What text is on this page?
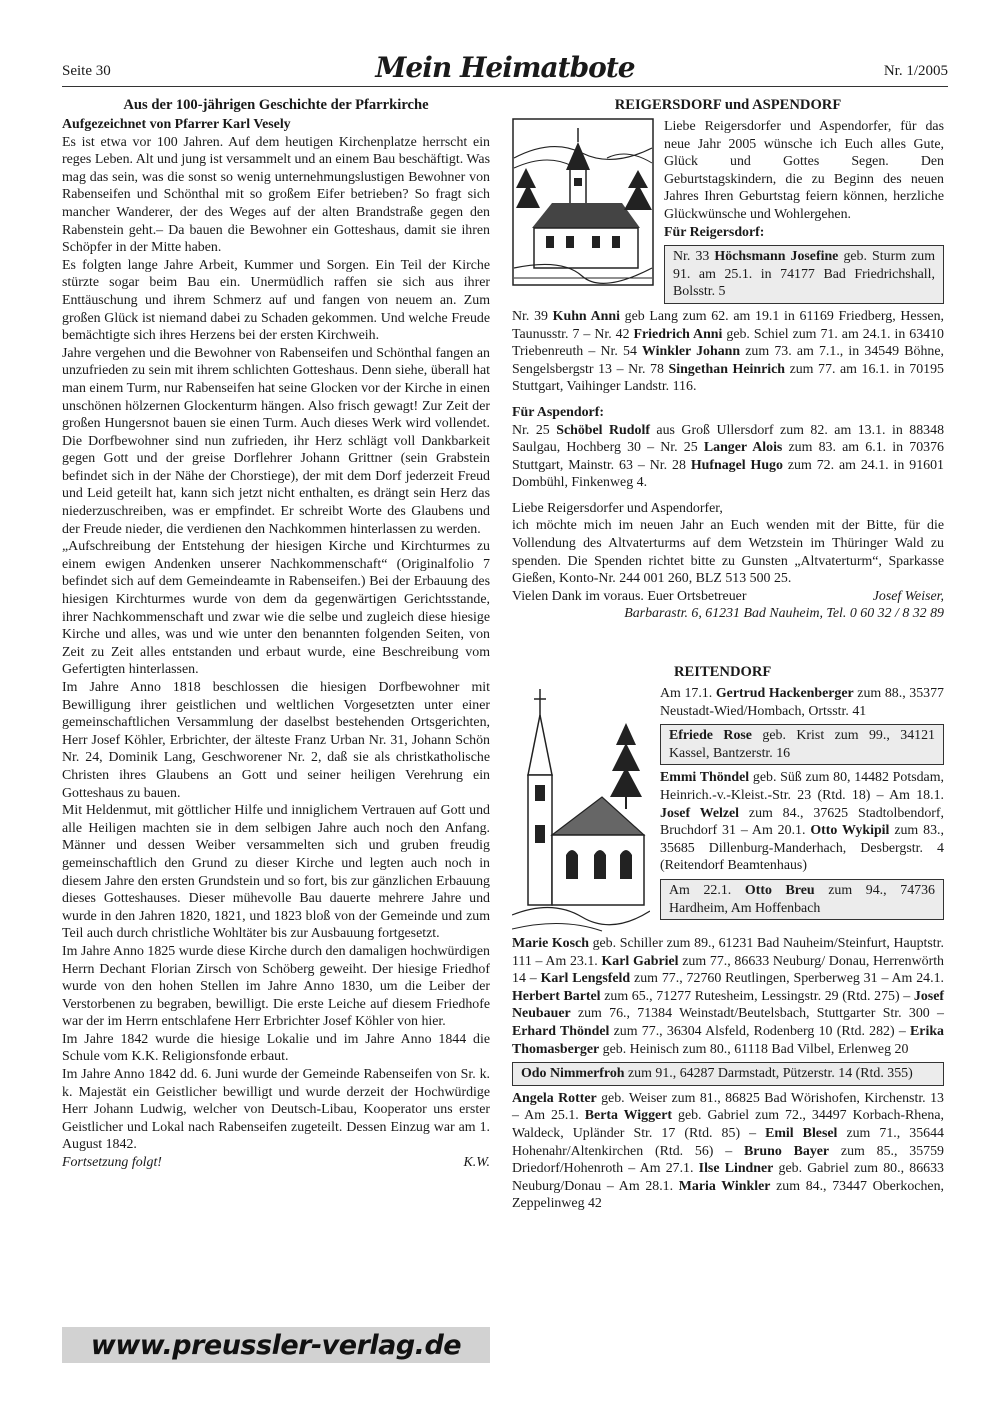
Seite 30	Mein Heimatbote	Nr. 1/2005
Aus der 100-jährigen Geschichte der Pfarrkirche

Aufgezeichnet von Pfarrer Karl Vesely

Es ist etwa vor 100 Jahren. Auf dem heutigen Kirchenplatze herrscht ein reges Leben. Alt und jung ist versammelt und an einem Bau beschäftigt. Was mag das sein, was die sonst so wenig unternehmungslustigen Bewohner von Rabenseifen und Schönthal mit so großem Eifer betrieben? So fragt sich mancher Wanderer, der des Weges auf der alten Brandstraße gegen den Rabenstein geht.– Da bauen die Bewohner ein Gotteshaus, damit sie ihren Schöpfer in der Mitte haben.

Es folgten lange Jahre Arbeit, Kummer und Sorgen. Ein Teil der Kirche stürzte sogar beim Bau ein. Unermüdlich raffen sie sich aus ihrer Enttäuschung und ihrem Schmerz auf und fangen von neuem an. Zum großen Glück ist niemand dabei zu Schaden gekommen. Und welche Freude bemächtigte sich ihres Herzens bei der ersten Kirchweih.

Jahre vergehen und die Bewohner von Rabenseifen und Schönthal fangen an unzufrieden zu sein mit ihrem schlichten Gotteshaus. Denn siehe, überall hat man einem Turm, nur Rabenseifen hat seine Glocken vor der Kirche in einen unschönen hölzernen Glockenturm hängen. Also frisch gewagt! Zur Zeit der großen Hungersnot bauen sie einen Turm. Auch dieses Werk wird vollendet. Die Dorfbewohner sind nun zufrieden, ihr Herz schlägt voll Dankbarkeit gegen Gott und der greise Dorflehrer Johann Grittner (sein Grabstein befindet sich in der Nähe der Chorstiege), der mit dem Dorf jederzeit Freud und Leid geteilt hat, kann sich jetzt nicht enthalten, es drängt sein Herz das niederzuschreiben, was er empfindet. Er schreibt Worte des Glaubens und der Freude nieder, die verdienen den Nachkommen hinterlassen zu werden.

„Aufschreibung der Entstehung der hiesigen Kirche und Kirchturmes zu einem ewigen Andenken unserer Nachkommenschaft“ (Originalfolio 7 befindet sich auf dem Gemeindeamte in Rabenseifen.) Bei der Erbauung des hiesigen Kirchturmes wurde von dem da gegenwärtigen Gerichtsstande, ihrer Nachkommenschaft und zwar wie die selbe und zugleich diese hiesige Kirche und alles, was und wie unter den benannten folgenden Seiten, von Zeit zu Zeit alles entstanden und erbaut wurde, eine Beschreibung vom Gefertigten hinterlassen.

Im Jahre Anno 1818 beschlossen die hiesigen Dorfbewohner mit Bewilligung ihrer geistlichen und weltlichen Vorgesetzten unter einer gemeinschaftlichen Versammlung der daselbst bestehenden Ortsgerichten, Herr Josef Köhler, Erbrichter, der älteste Franz Urban Nr. 31, Johann Schön Nr. 24, Dominik Lang, Geschworener Nr. 2, daß sie als christkatholische Christen ihres Glaubens an Gott und seiner heiligen Verehrung ein Gotteshaus zu bauen.

Mit Heldenmut, mit göttlicher Hilfe und inniglichem Vertrauen auf Gott und alle Heiligen machten sie in dem selbigen Jahre auch noch den Anfang. Männer und dessen Weiber versammelten sich und gruben freudig gemeinschaftlich den Grund zu dieser Kirche und legten auch noch in diesem Jahre den ersten Grundstein und so fort, bis zur gänzlichen Erbauung dieses Gotteshauses. Dieser mühevolle Bau dauerte mehrere Jahre und wurde in den Jahren 1820, 1821, und 1823 bloß von der Gemeinde und zum Teil auch durch christliche Wohltäter bis zur Ausbauung fortgesetzt.

Im Jahre Anno 1825 wurde diese Kirche durch den damaligen hochwürdigen Herrn Dechant Florian Zirsch von Schöberg geweiht. Der hiesige Friedhof wurde von den hohen Stellen im Jahre Anno 1830, um die Leiber der Verstorbenen zu begraben, bewilligt. Die erste Leiche auf diesem Friedhofe war der im Herrn entschlafene Herr Erbrichter Josef Köhler von hier.

Im Jahre 1842 wurde die hiesige Lokalie und im Jahre Anno 1844 die Schule vom K.K. Religionsfonde erbaut.

Im Jahre Anno 1842 dd. 6. Juni wurde der Gemeinde Rabenseifen von Sr. k. k. Majestät ein Geistlicher bewilligt und wurde derzeit der Hochwürdige Herr Johann Ludwig, welcher von Deutsch-Libau, Kooperator uns erster Geistlicher und Lokal nach Rabenseifen zugeteilt. Dessen Einzug war am 1. August 1842.

Fortsetzung folgt!	K.W.
www.preussler-verlag.de
REIGERSDORF und ASPENDORF

Liebe Reigersdorfer und Aspendorfer, für das neue Jahr 2005 wünsche ich Euch alles Gute, Glück und Gottes Segen. Den Geburtstagskindern, die zu Beginn des neuen Jahres Ihren Geburtstag feiern können, herzliche Glückwünsche und Wohlergehen.

Für Reigersdorf:

Nr. 33 Höchsmann Josefine geb. Sturm zum 91. am 25.1. in 74177 Bad Friedrichshall, Bolsstr. 5

Nr. 39 Kuhn Anni geb Lang zum 62. am 19.1 in 61169 Friedberg, Hessen, Taunusstr. 7 – Nr. 42 Friedrich Anni geb. Schiel zum 71. am 24.1. in 63410 Triebenreuth – Nr. 54 Winkler Johann zum 73. am 7.1., in 34549 Böhne, Sengelsbergstr 13 – Nr. 78 Singethan Heinrich zum 77. am 16.1. in 70195 Stuttgart, Vaihinger Landstr. 116.

Für Aspendorf:

Nr. 25 Schöbel Rudolf aus Groß Ullersdorf zum 82. am 13.1. in 88348 Saulgau, Hochberg 30 – Nr. 25 Langer Alois zum 83. am 6.1. in 70376 Stuttgart, Mainstr. 63 – Nr. 28 Hufnagel Hugo zum 72. am 24.1. in 91601 Dombühl, Finkenweg 4.

Liebe Reigersdorfer und Aspendorfer,

ich möchte mich im neuen Jahr an Euch wenden mit der Bitte, für die Vollendung des Altvaterturms auf dem Wetzstein im Thüringer Wald zu spenden. Die Spenden richtet bitte zu Gunsten „Altvaterturm“, Sparkasse Gießen, Konto-Nr. 244 001 260, BLZ 513 500 25.

Vielen Dank im voraus. Euer Ortsbetreuer	Josef Weiser,

Barbarastr. 6, 61231 Bad Nauheim, Tel. 0 60 32 / 8 32 89

REITENDORF

Am 17.1. Gertrud Hackenberger zum 88., 35377 Neustadt-Wied/Hombach, Ortsstr. 41

Efriede Rose geb. Krist zum 99., 34121 Kassel, Bantzerstr. 16

Emmi Thöndel geb. Süß zum 80, 14482 Potsdam, Heinrich.-v.-Kleist.-Str. 23 (Rtd. 18) – Am 18.1. Josef Welzel zum 84., 37625 Stadtolbendorf, Bruchdorf 31 – Am 20.1. Otto Wykipil zum 83., 35685 Dillenburg-Manderhach, Desbergstr. 4 (Reitendorf Beamtenhaus)

Am 22.1. Otto Breu zum 94., 74736 Hardheim, Am Hoffenbach

Marie Kosch geb. Schiller zum 89., 61231 Bad Nauheim/Steinfurt, Hauptstr. 111 – Am 23.1. Karl Gabriel zum 77., 86633 Neuburg/ Donau, Herrenwörth 14 – Karl Lengsfeld zum 77., 72760 Reutlingen, Sperberweg 31 – Am 24.1. Herbert Bartel zum 65., 71277 Rutesheim, Lessingstr. 29 (Rtd. 275) – Josef Neubauer zum 76., 71384 Weinstadt/Beutelsbach, Stuttgarter Str. 300 – Erhard Thöndel zum 77., 36304 Alsfeld, Rodenberg 10 (Rtd. 282) – Erika Thomasberger geb. Heinisch zum 80., 61118 Bad Vilbel, Erlenweg 20

Odo Nimmerfroh zum 91., 64287 Darmstadt, Pützerstr. 14 (Rtd. 355)

Angela Rotter geb. Weiser zum 81., 86825 Bad Wörishofen, Kirchenstr. 13 – Am 25.1. Berta Wiggert geb. Gabriel zum 72., 34497 Korbach-Rhena, Waldeck, Upländer Str. 17 (Rtd. 85) – Emil Blesel zum 71., 35644 Hohenahr/Altenkirchen (Rtd. 56) – Bruno Bayer zum 85., 35759 Driedorf/Hohenroth – Am 27.1. Ilse Lindner geb. Gabriel zum 80., 86633 Neuburg/Donau – Am 28.1. Maria Winkler zum 84., 73447 Oberkochen, Zeppelinweg 42
